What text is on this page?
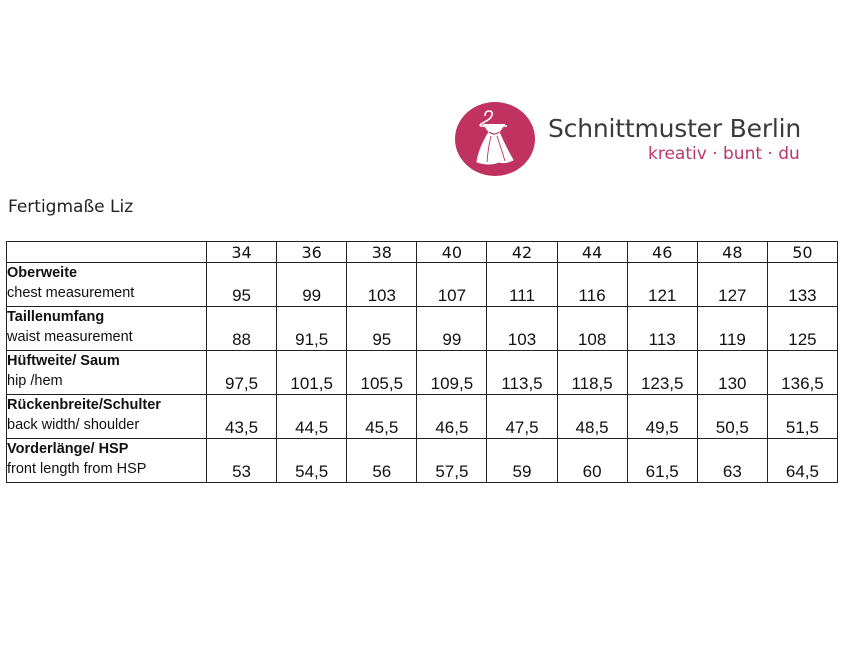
Schnittmuster Berlin
kreativ · bunt · du
Fertigmaße Liz
	34	36	38	40	42	44	46	48	50

Oberweite
chest measurement	95	99	103	107	111	116	121	127	133

Taillenumfang
waist measurement	88	91,5	95	99	103	108	113	119	125

Hüftweite/ Saum
hip /hem	97,5	101,5	105,5	109,5	113,5	118,5	123,5	130	136,5

Rückenbreite/Schulter
back width/ shoulder	43,5	44,5	45,5	46,5	47,5	48,5	49,5	50,5	51,5

Vorderlänge/ HSP
front length from HSP	53	54,5	56	57,5	59	60	61,5	63	64,5
